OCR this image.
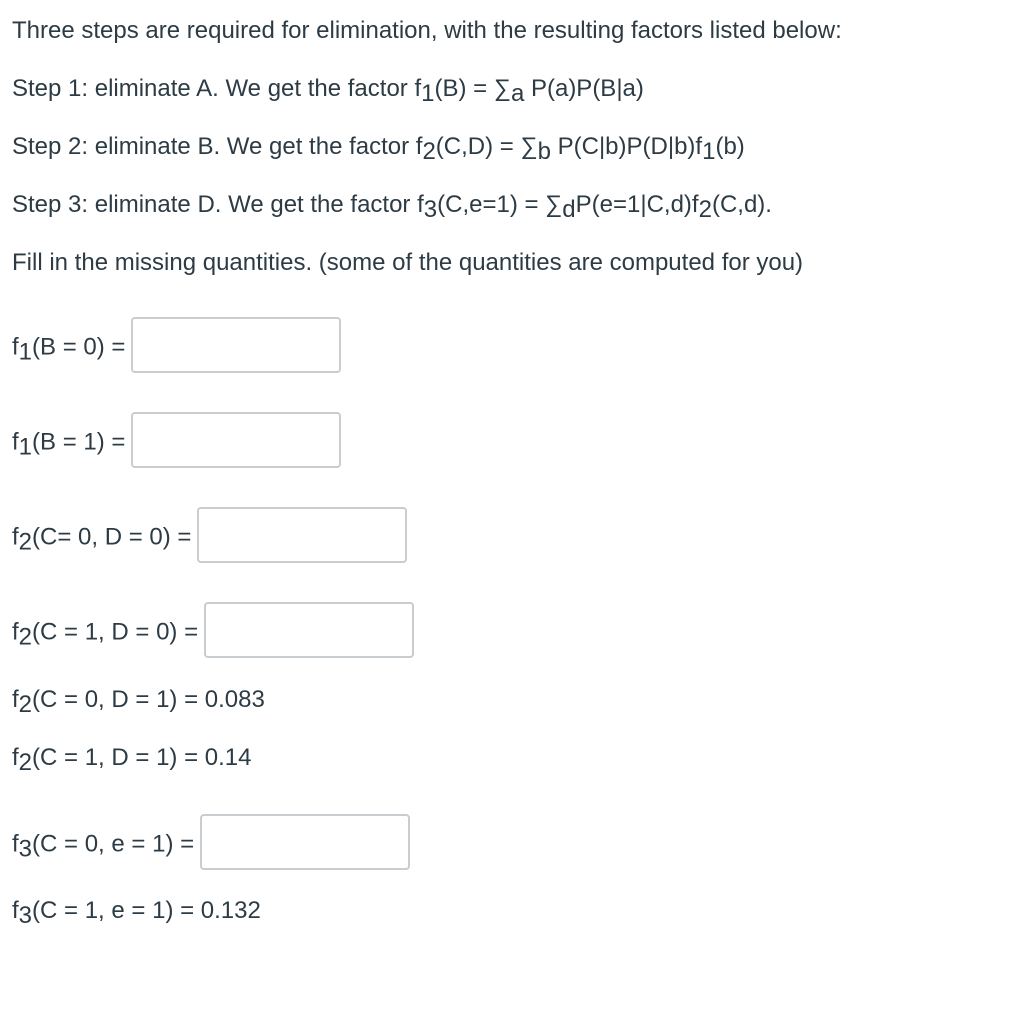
Three steps are required for elimination, with the resulting factors listed below:
Step 1: eliminate A. We get the factor $f_1(B) = \sum_a$ P(a)P(B|a)
Step 2: eliminate B. We get the factor $f_2(C,D) = \sum_b$ $P(C|b)P(D|b)f_1(b)$
Step 3: eliminate D. We get the factor $f_3(C,e=1) = \sum_dP(e=1|C,d)f_2(C,d)$.
Fill in the missing quantities. (some of the quantities are computed for you)
$f_1(B = 0)$ =
$f_1(B = 1)$ =
$f_2(C= 0$, D = 0) =
$f_2(C = 1$, D = 0) =
$f_2(C = 0$, D = 1) = 0.083
$f_2(C = 1$, D = 1) = 0.14
$f_3(C = 0$, e = 1) =
$f_3(C = 1$, e = 1) = 0.132
